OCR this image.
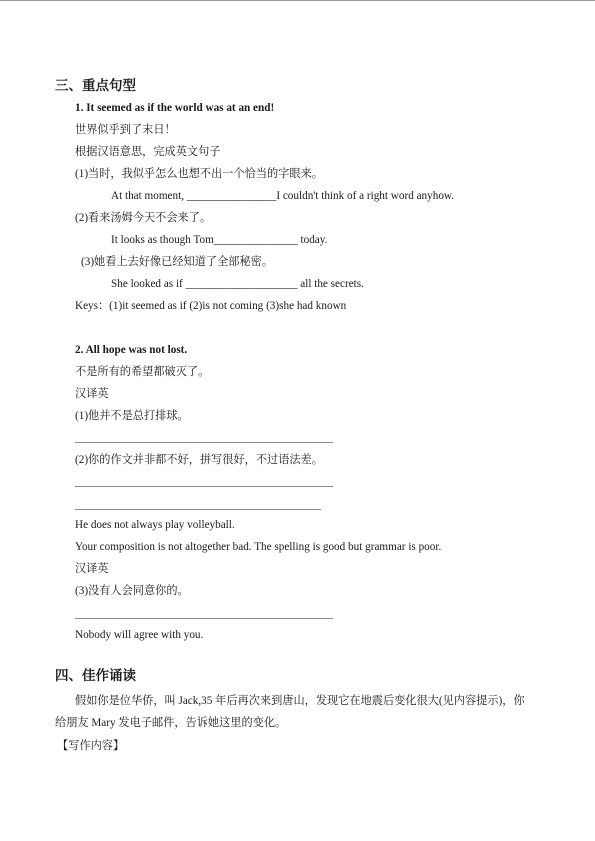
三、重点句型
1. It seemed as if the world was at an end!
世界似乎到了末日！
根据汉语意思，完成英文句子
(1)当时，我似乎怎么也想不出一个恰当的字眼来。
At that moment, ________________I couldn't think of a right word anyhow.
(2)看来汤姆今天不会来了。
It looks as though Tom_______________ today.
(3)她看上去好像已经知道了全部秘密。
She looked as if ____________________ all the secrets.
Keys：(1)it seemed as if (2)is not coming (3)she had known
2. All hope was not lost.
不是所有的希望都破灭了。
汉译英
(1)他并不是总打排球。
(2)你的作文并非都不好，拼写很好，不过语法差。
He does not always play volleyball.
Your composition is not altogether bad. The spelling is good but grammar is poor.
汉译英
(3)没有人会同意你的。
Nobody will agree with you.
四、佳作诵读
假如你是位华侨，叫 Jack,35 年后再次来到唐山，发现它在地震后变化很大(见内容提示)，你给朋友 Mary 发电子邮件，告诉她这里的变化。
【写作内容】
